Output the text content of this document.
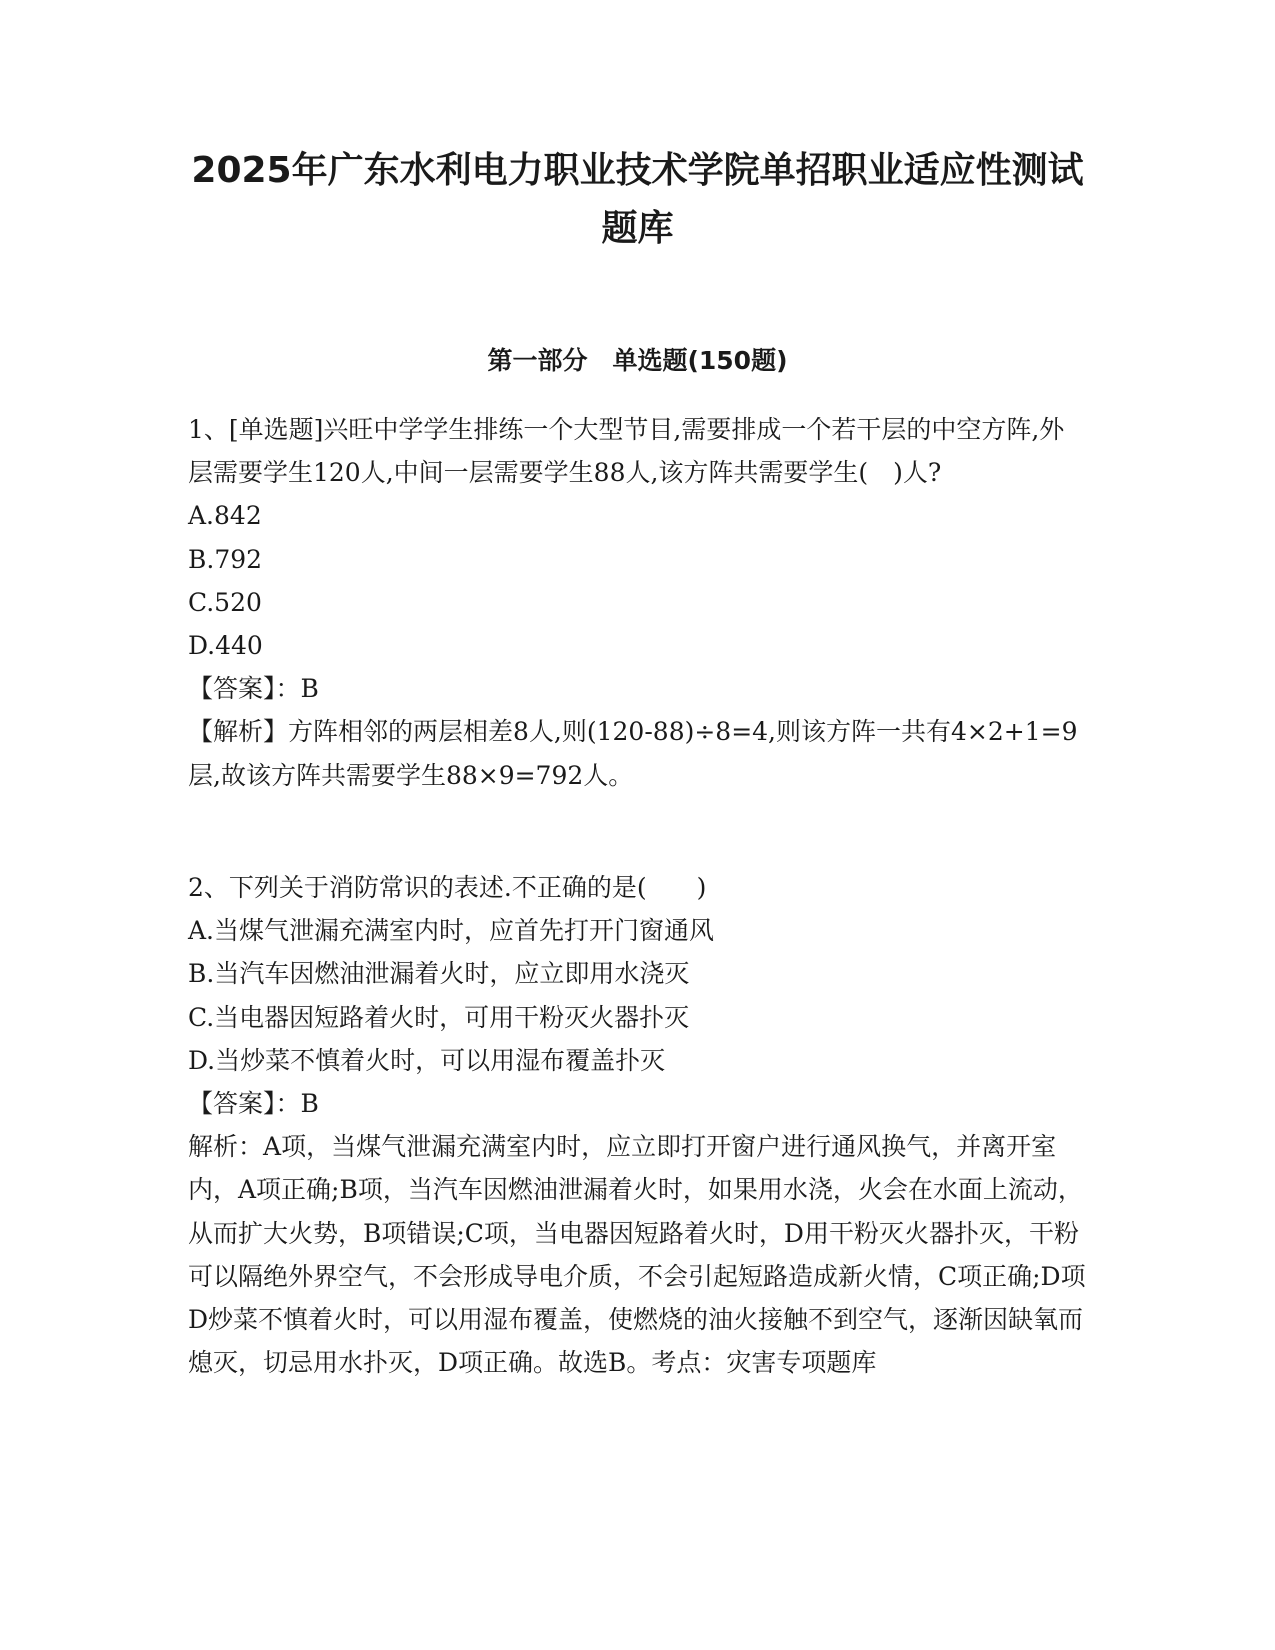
2025年广东水利电力职业技术学院单招职业适应性测试题库
第一部分　单选题(150题)
1、[单选题]兴旺中学学生排练一个大型节目,需要排成一个若干层的中空方阵,外层需要学生120人,中间一层需要学生88人,该方阵共需要学生(　)人?
A.842
B.792
C.520
D.440
【答案】：B
【解析】方阵相邻的两层相差8人,则(120-88)÷8=4,则该方阵一共有4×2+1=9层,故该方阵共需要学生88×9=792人。
2、下列关于消防常识的表述.不正确的是(　　)
A.当煤气泄漏充满室内时，应首先打开门窗通风
B.当汽车因燃油泄漏着火时，应立即用水浇灭
C.当电器因短路着火时，可用干粉灭火器扑灭
D.当炒菜不慎着火时，可以用湿布覆盖扑灭
【答案】：B
解析：A项，当煤气泄漏充满室内时，应立即打开窗户进行通风换气，并离开室内，A项正确;B项，当汽车因燃油泄漏着火时，如果用水浇，火会在水面上流动，从而扩大火势，B项错误;C项，当电器因短路着火时，D用干粉灭火器扑灭，干粉可以隔绝外界空气，不会形成导电介质，不会引起短路造成新火情，C项正确;D项D炒菜不慎着火时，可以用湿布覆盖，使燃烧的油火接触不到空气，逐渐因缺氧而熄灭，切忌用水扑灭，D项正确。故选B。考点：灾害专项题库
